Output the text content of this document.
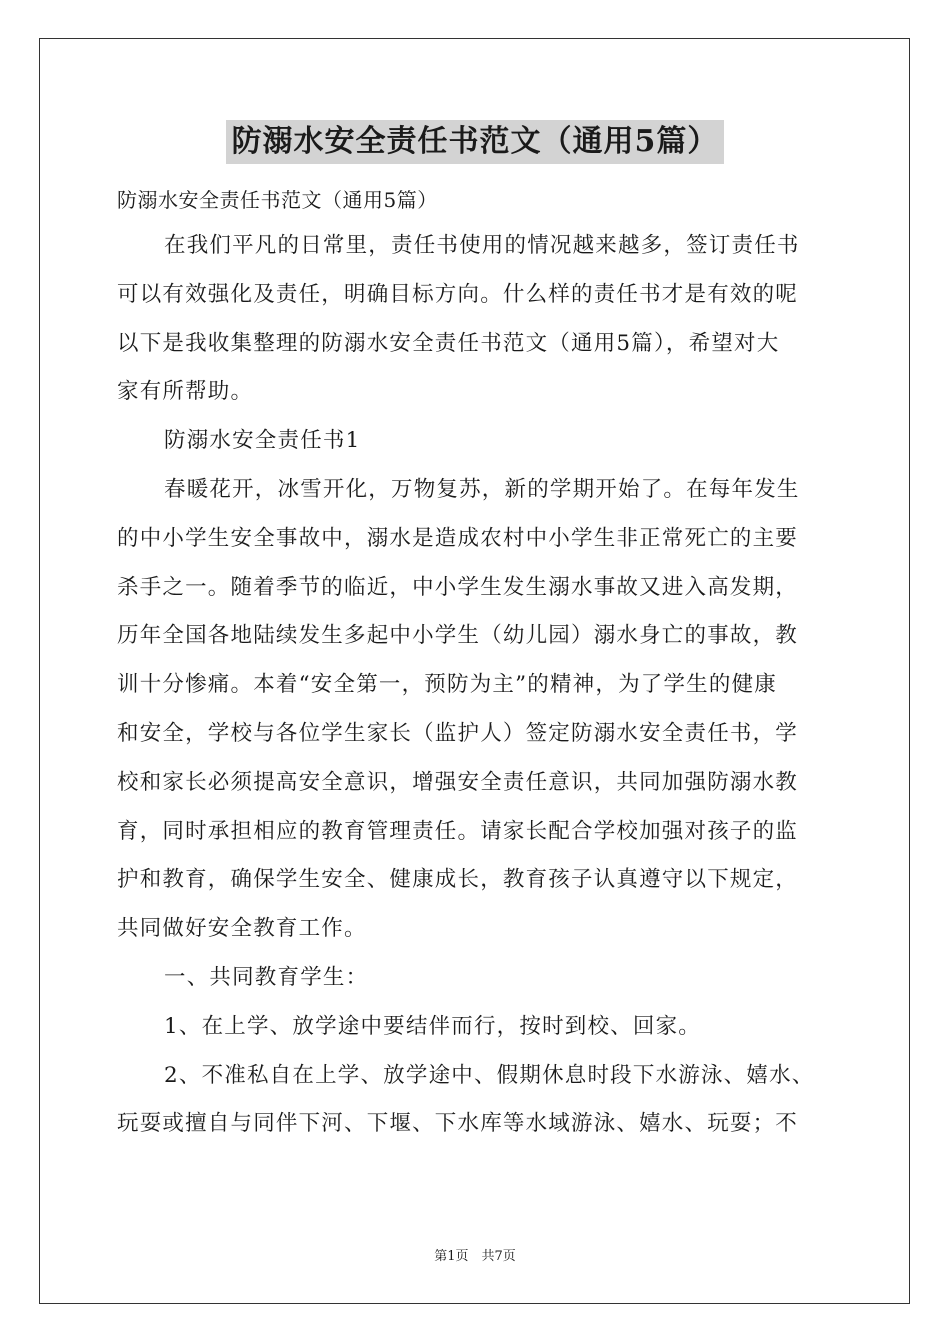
防溺水安全责任书范文（通用5篇）
防溺水安全责任书范文（通用5篇）
在我们平凡的日常里，责任书使用的情况越来越多，签订责任书
可以有效强化及责任，明确目标方向。什么样的责任书才是有效的呢
以下是我收集整理的防溺水安全责任书范文（通用5篇），希望对大
家有所帮助。
防溺水安全责任书1
春暖花开，冰雪开化，万物复苏，新的学期开始了。在每年发生
的中小学生安全事故中，溺水是造成农村中小学生非正常死亡的主要
杀手之一。随着季节的临近，中小学生发生溺水事故又进入高发期，
历年全国各地陆续发生多起中小学生（幼儿园）溺水身亡的事故，教
训十分惨痛。本着“安全第一，预防为主”的精神，为了学生的健康
和安全，学校与各位学生家长（监护人）签定防溺水安全责任书，学
校和家长必须提高安全意识，增强安全责任意识，共同加强防溺水教
育，同时承担相应的教育管理责任。请家长配合学校加强对孩子的监
护和教育，确保学生安全、健康成长，教育孩子认真遵守以下规定，
共同做好安全教育工作。
一、共同教育学生：
1、在上学、放学途中要结伴而行，按时到校、回家。
2、不准私自在上学、放学途中、假期休息时段下水游泳、嬉水、
玩耍或擅自与同伴下河、下堰、下水库等水域游泳、嬉水、玩耍；不
第1页　共7页
